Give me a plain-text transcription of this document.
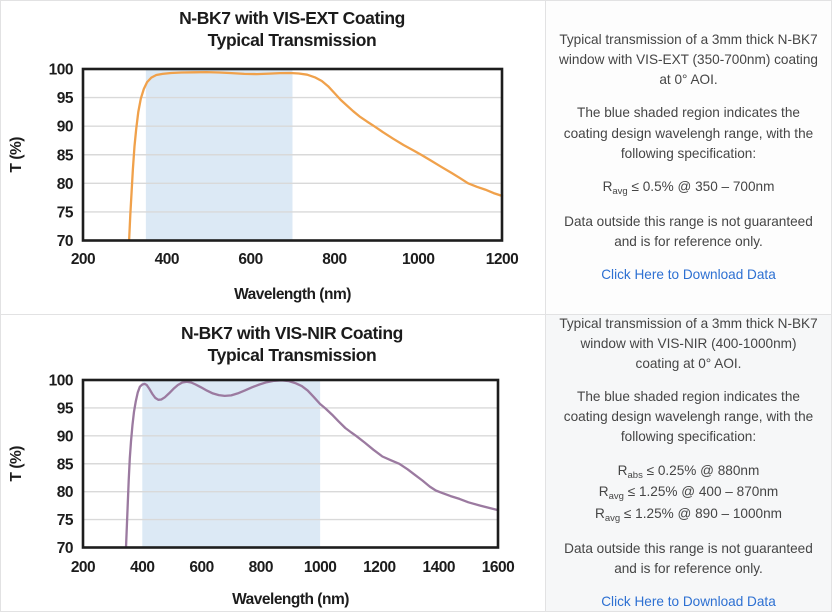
100
95
90
85
80
75
70
200	400	600	800	1000	1200
Wavelength (nm)
T (%)
N-BK7 with VIS-EXT Coating
Typical Transmission	Typical transmission of a 3mm thick N-BK7 window with VIS-EXT (350-700nm) coating at 0° AOI.

The blue shaded region indicates the coating design wavelengh range, with the following specification:

$R_{avg} \le 0.5\%$ @ 350 – 700nm

Data outside this range is not guaranteed and is for reference only.

Click Here to Download Data
100
95
90
85
80
75
70
200 400 600 800 1000 1200 1400 1600
Wavelength (nm)
T (%)
N-BK7 with VIS-NIR Coating
Typical Transmission

Typical transmission of a 3mm thick N-BK7 window with VIS-NIR (400-1000nm) coating at 0° AOI.

The blue shaded region indicates the coating design wavelengh range, with the following specification:

$R_{abs} \le 0.25\%$ @ 880nm
$R_{avg} \le 1.25\%$ @ 400 – 870nm
$R_{avg} \le 1.25\%$ @ 890 – 1000nm

Data outside this range is not guaranteed and is for reference only.

Click Here to Download Data
